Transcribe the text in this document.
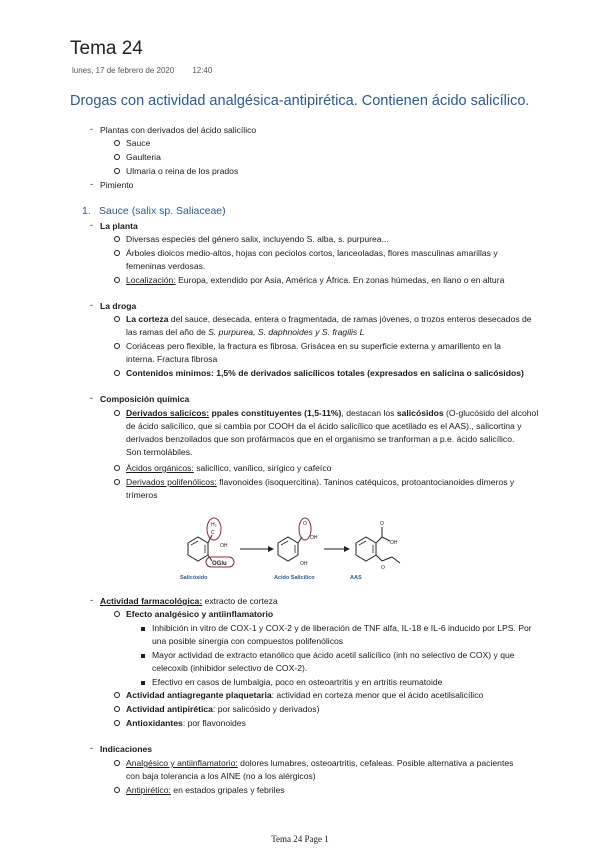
Tema 24
lunes, 17 de febrero de 2020 12:40
Drogas con actividad analgésica-antipirética. Contienen ácido salicílico.
- Plantas con derivados del ácido salicílico
Sauce
Gaulteria
Ulmaria o reina de los prados
- Pimiento
1. Sauce (salix sp. Saliaceae)
- La planta
Diversas especies del género salix, incluyendo S. alba, s. purpurea...
Árboles dioicos medio-altos, hojas con peciolos cortos, lanceoladas, flores masculinas amarillas y
femeninas verdosas.
Localización: Europa, extendido por Asia, América y África. En zonas húmedas, en llano o en altura
- La droga
La corteza del sauce, desecada, entera o fragmentada, de ramas jóvenes, o trozos enteros desecados de
las ramas del año de S. purpurea, S. daphnoides y S. fragilis L
Coriáceas pero flexible, la fractura es fibrosa. Grisácea en su superficie externa y amarillento en la
interna. Fractura fibrosa
Contenidos mínimos: 1,5% de derivados salicílicos totales (expresados en salicina o salicósidos)
- Composición química
Derivados salicícos: ppales constituyentes (1,5-11%), destacan los salicósidos (O-glucósido del alcohol
de ácido salicílico, que si cambia por COOH da el ácido salicílico que acetilado es el AAS)., salicortina y
derivados benzoilados que son profármacos que en el organismo se tranforman a p.e. ácido salicílico.
Son termolábiles.
Ácidos orgánicos: salicílico, vanílico, sirígico y cafeíco
Derivados polifenólicos: flavonoides (isoquercitina). Taninos catéquicos, protoantocianoides dímeros y
trímeros
H₂
C
OH
OGlu
Salicósido
O
OH
OH
Acido Salicílico
O
OH
O
AAS
- Actividad farmacológica: extracto de corteza
Efecto analgésico y antiinflamatorio
Inhibición in vitro de COX-1 y COX-2 y de liberación de TNF alfa, IL-18 e IL-6 inducido por LPS. Por
una posible sinergia con compuestos polifenólicos
Mayor actividad de extracto etanólico que ácido acetil salicílico (inh no selectivo de COX) y que
celecoxib (inhibidor selectivo de COX-2).
Efectivo en casos de lumbalgia, poco en osteoartritis y en artritis reumatoide
Actividad antiagregante plaquetaria: actividad en corteza menor que el ácido acetilsalicílico
Actividad antipirética: por salicósido y derivados)
Antioxidantes: por flavonoides
- Indicaciones
Analgésico y antiinflamatorio: dolores lumabres, osteoartritis, cefaleas. Posible alternativa a pacientes
con baja tolerancia a los AINE (no a los alérgicos)
Antipirético: en estados gripales y febriles
Tema 24 Page 1
